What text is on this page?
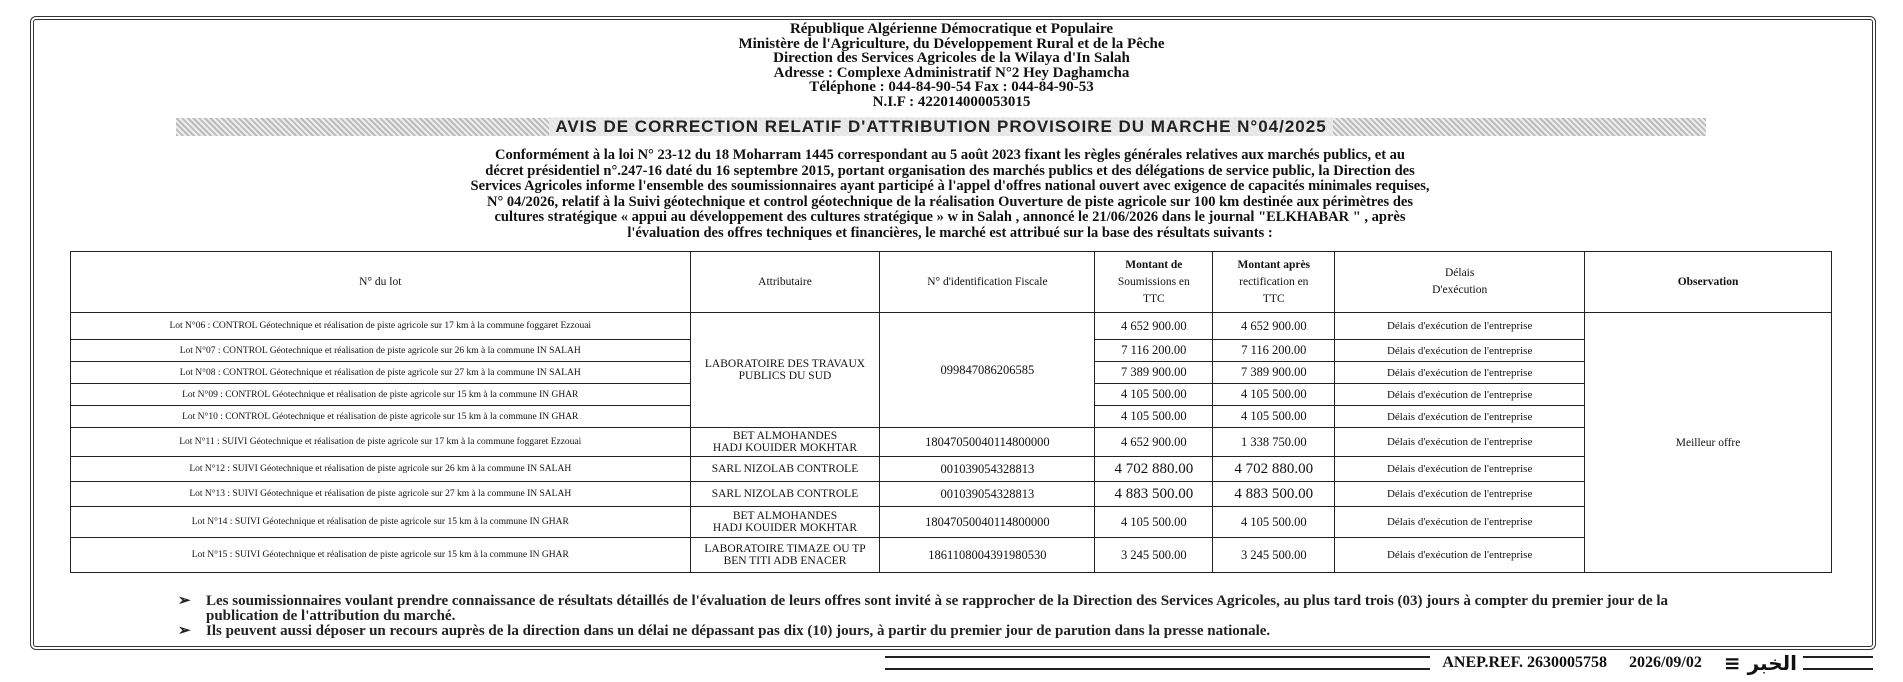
République Algérienne Démocratique et Populaire
Ministère de l'Agriculture, du Développement Rural et de la Pêche
Direction des Services Agricoles de la Wilaya d'In Salah
Adresse : Complexe Administratif N°2 Hey Daghamcha
Téléphone : 044-84-90-54 Fax : 044-84-90-53
N.I.F : 422014000053015
AVIS DE CORRECTION RELATIF D'ATTRIBUTION PROVISOIRE DU MARCHE N°04/2025

Conformément à la loi N° 23-12 du 18 Moharram 1445 correspondant au 5 août 2023 fixant les règles générales relatives aux marchés publics, et au

décret présidentiel n°.247-16 daté du 16 septembre 2015, portant organisation des marchés publics et des délégations de service public, la Direction des

Services Agricoles informe l'ensemble des soumissionnaires ayant participé à l'appel d'offres national ouvert avec exigence de capacités minimales requises,

N° 04/2026, relatif à la Suivi géotechnique et control géotechnique de la réalisation Ouverture de piste agricole sur 100 km destinée aux périmètres des

cultures stratégique « appui au développement des cultures stratégique » w in Salah , annoncé le 21/06/2026 dans le journal "ELKHABAR " , après

l'évaluation des offres techniques et financières, le marché est attribué sur la base des résultats suivants :

N° du lot	Attributaire	N° d'identification Fiscale	Montant de
Soumissions en
TTC	Montant après
rectification en
TTC	Délais
D'exécution	Observation
Lot N°06 : CONTROL Géotechnique et réalisation de piste agricole sur 17 km à la commune foggaret Ezzouai	LABORATOIRE DES TRAVAUX
PUBLICS DU SUD	099847086206585	4 652 900.00	4 652 900.00	Délais d'exécution de l'entreprise	Meilleur offre
Lot N°07 : CONTROL Géotechnique et réalisation de piste agricole sur 26 km à la commune IN SALAH			7 116 200.00	7 116 200.00	Délais d'exécution de l'entreprise	
Lot N°08 : CONTROL Géotechnique et réalisation de piste agricole sur 27 km à la commune IN SALAH			7 389 900.00	7 389 900.00	Délais d'exécution de l'entreprise	
Lot N°09 : CONTROL Géotechnique et réalisation de piste agricole sur 15 km à la commune IN GHAR			4 105 500.00	4 105 500.00	Délais d'exécution de l'entreprise	
Lot N°10 : CONTROL Géotechnique et réalisation de piste agricole sur 15 km à la commune IN GHAR			4 105 500.00	4 105 500.00	Délais d'exécution de l'entreprise	
Lot N°11 : SUIVI Géotechnique et réalisation de piste agricole sur 17 km à la commune foggaret Ezzouai	BET ALMOHANDES
HADJ KOUIDER MOKHTAR	18047050040114800000	4 652 900.00	1 338 750.00	Délais d'exécution de l'entreprise	
Lot N°12 : SUIVI Géotechnique et réalisation de piste agricole sur 26 km à la commune IN SALAH	SARL NIZOLAB CONTROLE	001039054328813	4 702 880.00	4 702 880.00	Délais d'exécution de l'entreprise	
Lot N°13 : SUIVI Géotechnique et réalisation de piste agricole sur 27 km à la commune IN SALAH	SARL NIZOLAB CONTROLE	001039054328813	4 883 500.00	4 883 500.00	Délais d'exécution de l'entreprise	
Lot N°14 : SUIVI Géotechnique et réalisation de piste agricole sur 15 km à la commune IN GHAR	BET ALMOHANDES
HADJ KOUIDER MOKHTAR	18047050040114800000	4 105 500.00	4 105 500.00	Délais d'exécution de l'entreprise	
Lot N°15 : SUIVI Géotechnique et réalisation de piste agricole sur 15 km à la commune IN GHAR	LABORATOIRE TIMAZE OU TP
BEN TITI ADB ENACER	1861108004391980530	3 245 500.00	3 245 500.00	Délais d'exécution de l'entreprise	

➢ Les soumissionnaires voulant prendre connaissance de résultats détaillés de l'évaluation de leurs offres sont invité à se rapprocher de la Direction des Services Agricoles, au plus tard trois (03) jours à compter du premier jour de la publication de l'attribution du marché.

➢ Ils peuvent aussi déposer un recours auprès de la direction dans un délai ne dépassant pas dix (10) jours, à partir du premier jour de parution dans la presse nationale.

ANEP.REF. 2630005758 2026/09/02 ≡ الخبر
